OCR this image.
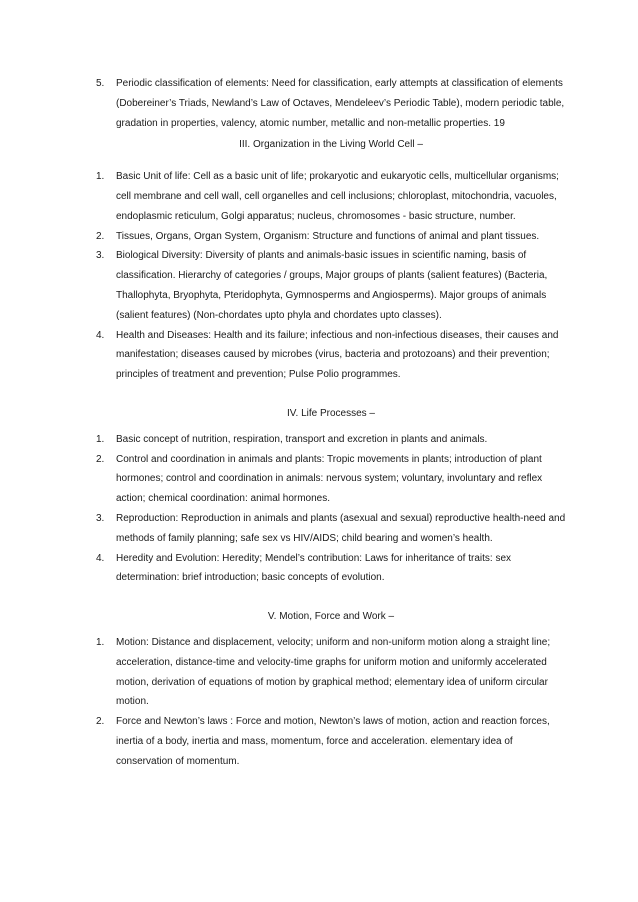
5. Periodic classification of elements: Need for classification, early attempts at classification of elements (Dobereiner’s Triads, Newland’s Law of Octaves, Mendeleev’s Periodic Table), modern periodic table, gradation in properties, valency, atomic number, metallic and non-metallic properties. 19
III. Organization in the Living World Cell –
1. Basic Unit of life: Cell as a basic unit of life; prokaryotic and eukaryotic cells, multicellular organisms; cell membrane and cell wall, cell organelles and cell inclusions; chloroplast, mitochondria, vacuoles, endoplasmic reticulum, Golgi apparatus; nucleus, chromosomes - basic structure, number.
2. Tissues, Organs, Organ System, Organism: Structure and functions of animal and plant tissues.
3. Biological Diversity: Diversity of plants and animals-basic issues in scientific naming, basis of classification. Hierarchy of categories / groups, Major groups of plants (salient features) (Bacteria, Thallophyta, Bryophyta, Pteridophyta, Gymnosperms and Angiosperms). Major groups of animals (salient features) (Non-chordates upto phyla and chordates upto classes).
4. Health and Diseases: Health and its failure; infectious and non-infectious diseases, their causes and manifestation; diseases caused by microbes (virus, bacteria and protozoans) and their prevention; principles of treatment and prevention; Pulse Polio programmes.
IV. Life Processes –
1. Basic concept of nutrition, respiration, transport and excretion in plants and animals.
2. Control and coordination in animals and plants: Tropic movements in plants; introduction of plant hormones; control and coordination in animals: nervous system; voluntary, involuntary and reflex action; chemical coordination: animal hormones.
3. Reproduction: Reproduction in animals and plants (asexual and sexual) reproductive health-need and methods of family planning; safe sex vs HIV/AIDS; child bearing and women’s health.
4. Heredity and Evolution: Heredity; Mendel’s contribution: Laws for inheritance of traits: sex determination: brief introduction; basic concepts of evolution.
V. Motion, Force and Work –
1. Motion: Distance and displacement, velocity; uniform and non-uniform motion along a straight line; acceleration, distance-time and velocity-time graphs for uniform motion and uniformly accelerated motion, derivation of equations of motion by graphical method; elementary idea of uniform circular motion.
2. Force and Newton’s laws : Force and motion, Newton’s laws of motion, action and reaction forces, inertia of a body, inertia and mass, momentum, force and acceleration. elementary idea of conservation of momentum.
